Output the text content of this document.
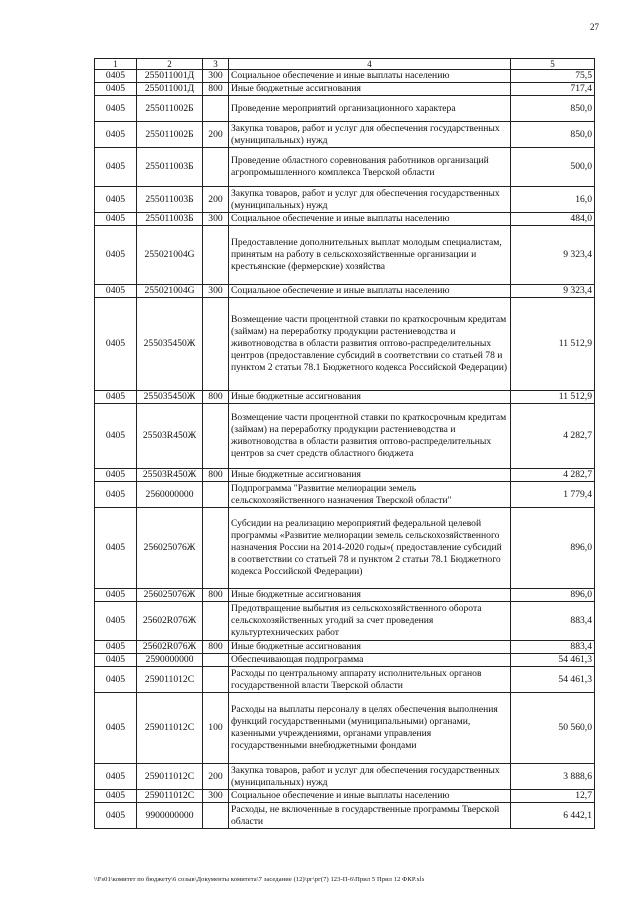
27
1	2	3	4	5
0405	255011001Д	300	Социальное обеспечение и иные выплаты населению	75,5
0405	255011001Д	800	Иные бюджетные ассигнования	717,4
0405	255011002Б		Проведение мероприятий организационного характера	850,0
0405	255011002Б	200	Закупка товаров, работ и услуг для обеспечения государственных (муниципальных) нужд	850,0
0405	255011003Б		Проведение областного соревнования работников организаций агропромышленного комплекса Тверской области	500,0
0405	255011003Б	200	Закупка товаров, работ и услуг для обеспечения государственных (муниципальных) нужд	16,0
0405	255011003Б	300	Социальное обеспечение и иные выплаты населению	484,0
0405	255021004G		Предоставление дополнительных выплат молодым специалистам, принятым на работу в сельскохозяйственные организации и крестьянские (фермерские) хозяйства	9 323,4
0405	255021004G	300	Социальное обеспечение и иные выплаты населению	9 323,4
0405	255035450Ж		Возмещение части процентной ставки по краткосрочным кредитам (займам) на переработку продукции растениеводства и животноводства в области развития оптово-распределительных центров (предоставление субсидий в соответствии со статьей 78 и пунктом 2 статьи 78.1 Бюджетного кодекса Российской Федерации)	11 512,9
0405	255035450Ж	800	Иные бюджетные ассигнования	11 512,9
0405	25503R450Ж		Возмещение части процентной ставки по краткосрочным кредитам (займам) на переработку продукции растениеводства и животноводства в области развития оптово-распределительных центров за счет средств областного бюджета	4 282,7
0405	25503R450Ж	800	Иные бюджетные ассигнования	4 282,7
0405	2560000000		Подпрограмма "Развитие мелиорации земель сельскохозяйственного назначения Тверской области"	1 779,4
0405	256025076Ж		Субсидии на реализацию мероприятий федеральной целевой программы «Развитие мелиорации земель сельскохозяйственного назначения России на 2014-2020 годы»( предоставление субсидий в соответствии со статьей 78 и пунктом 2 статьи 78.1 Бюджетного кодекса Российской Федерации)	896,0
0405	256025076Ж	800	Иные бюджетные ассигнования	896,0
0405	25602R076Ж		Предотвращение выбытия из сельскохозяйственного оборота сельскохозяйственных угодий за счет проведения культуртехнических работ	883,4
0405	25602R076Ж	800	Иные бюджетные ассигнования	883,4
0405	2590000000		Обеспечивающая подпрограмма	54 461,3
0405	259011012С		Расходы по центральному аппарату исполнительных органов государственной власти Тверской области	54 461,3
0405	259011012С	100	Расходы на выплаты персоналу в целях обеспечения выполнения функций государственными (муниципальными) органами, казенными учреждениями, органами управления государственными внебюджетными фондами	50 560,0
0405	259011012С	200	Закупка товаров, работ и услуг для обеспечения государственных (муниципальных) нужд	3 888,6
0405	259011012С	300	Социальное обеспечение и иные выплаты населению	12,7
0405	9900000000		Расходы, не включенные в государственные программы Тверской области	6 442,1
\\Fs01\комитет по бюджету\6 созыв\Документы комитета\7 заседание (12)\рг\рг(7) 123-П-6\Прил 5 Прил 12 ФКР.xls
